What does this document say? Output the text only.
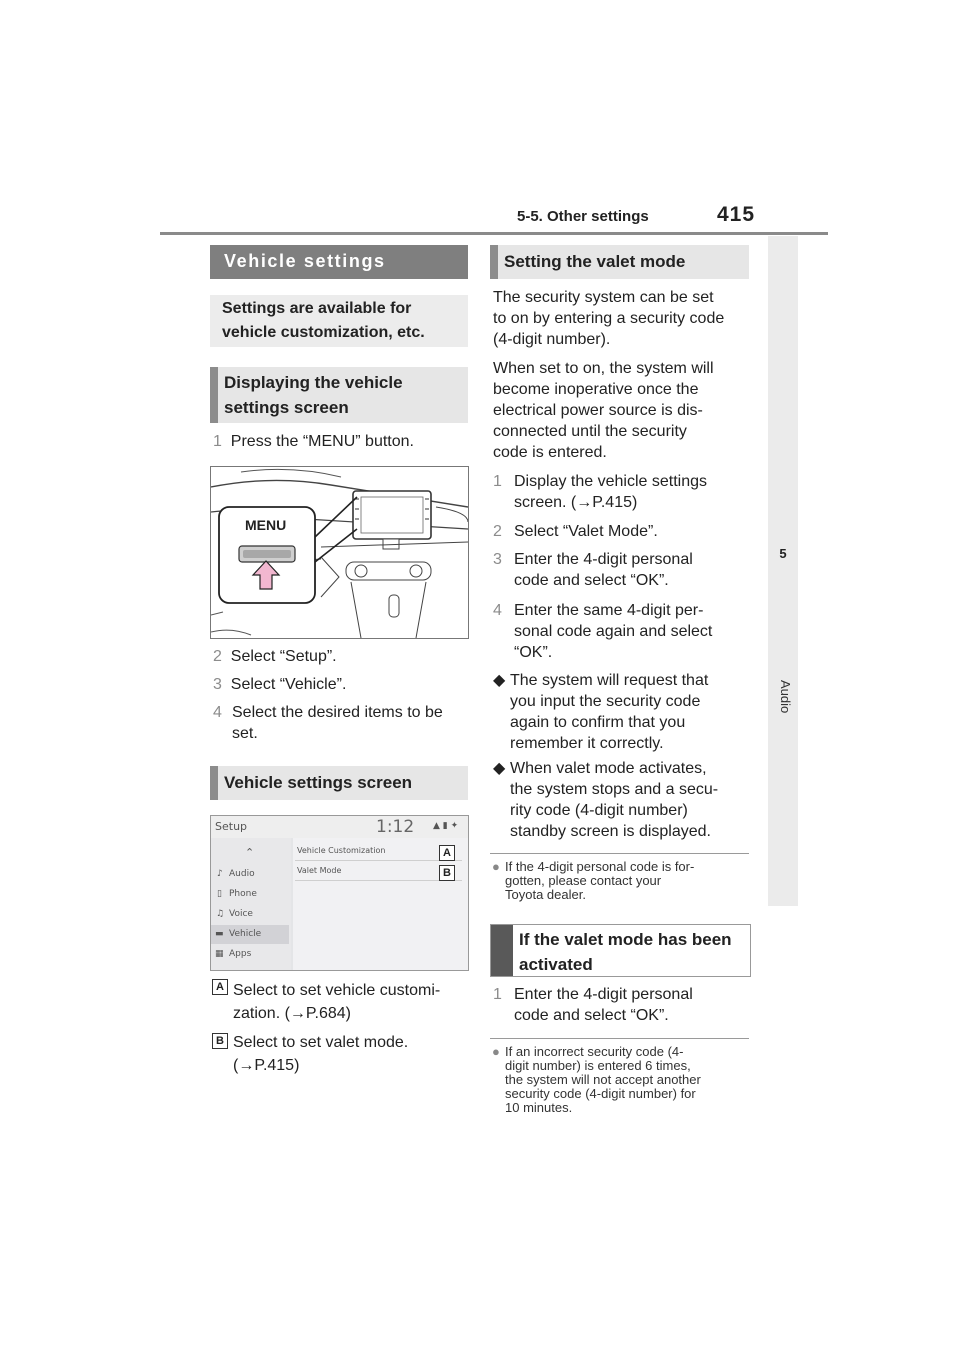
5-5. Other settings	415
5
Audio
Vehicle settings
Settings are available for vehicle customization, etc.
Displaying the vehicle settings screen
1 Press the “MENU” button.
MENU
2 Select “Setup”.
3 Select “Vehicle”.
4 Select the desired items to be set.
Vehicle settings screen
Setup	1:12 ▲ ▮ ✦
⌃
♪ Audio
▯ Phone
♫ Voice
▬ Vehicle
▦ Apps
Vehicle Customization
Valet Mode
A
B
A Select to set vehicle customi-
zation. (→P.684)
B Select to set valet mode.
(→P.415)
Setting the valet mode
The security system can be set
to on by entering a security code
(4-digit number).
When set to on, the system will
become inoperative once the
electrical power source is dis-
connected until the security
code is entered.
1 Display the vehicle settings
screen. (→P.415)
2 Select “Valet Mode”.
3 Enter the 4-digit personal
code and select “OK”.
4 Enter the same 4-digit per-
sonal code again and select
“OK”.
◆ The system will request that
you input the security code
again to confirm that you
remember it correctly.
◆ When valet mode activates,
the system stops and a secu-
rity code (4-digit number)
standby screen is displayed.
● If the 4-digit personal code is for-
gotten, please contact your
Toyota dealer.
If the valet mode has been activated
1 Enter the 4-digit personal
code and select “OK”.
● If an incorrect security code (4-
digit number) is entered 6 times,
the system will not accept another
security code (4-digit number) for
10 minutes.
